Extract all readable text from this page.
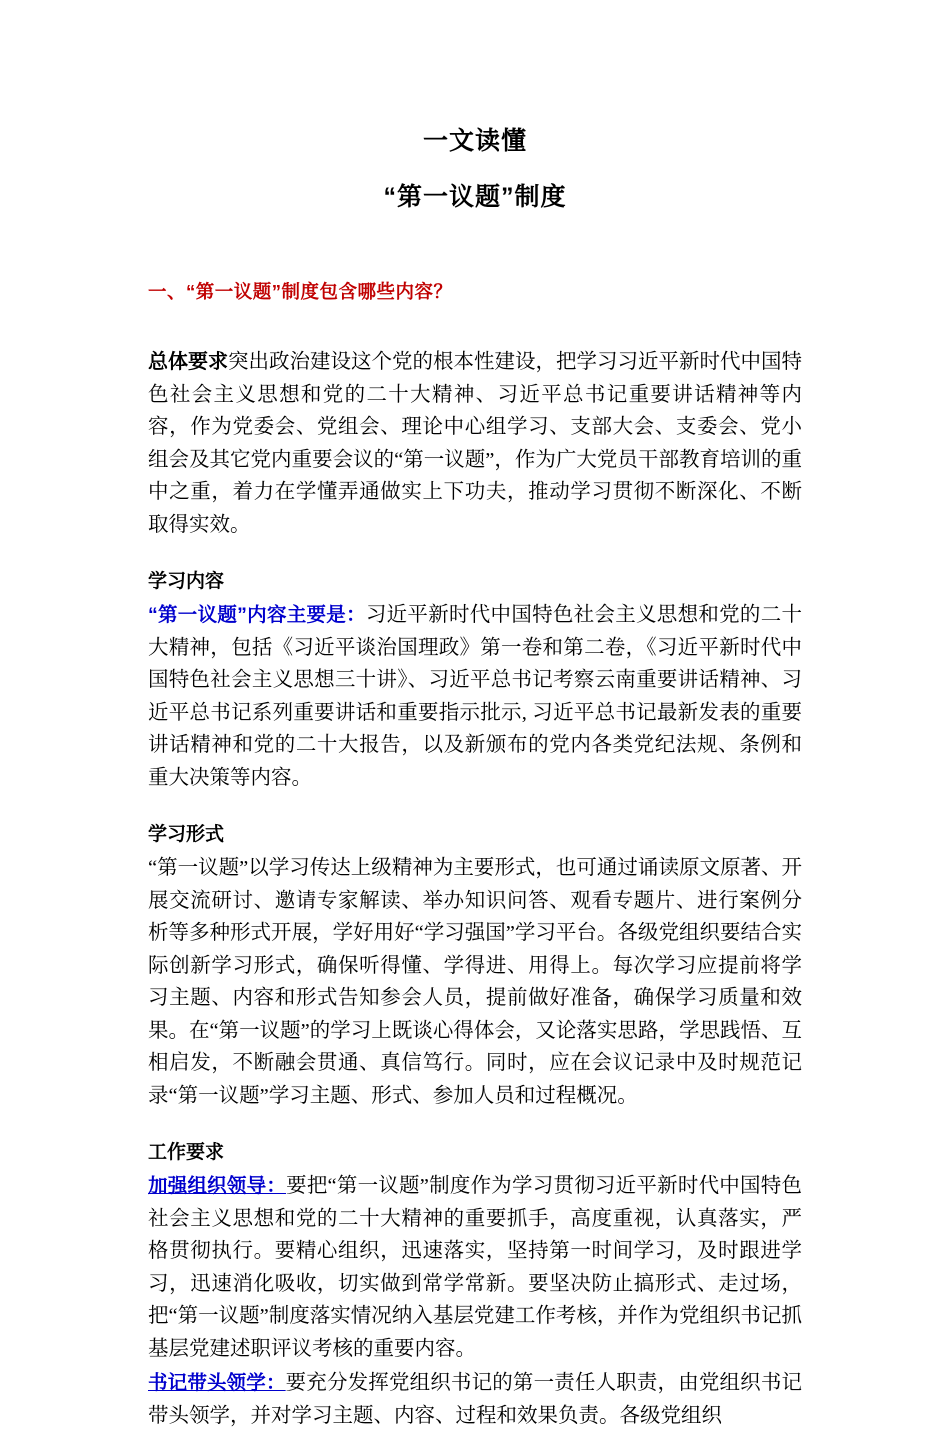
一文读懂
“第一议题”制度
一、“第一议题”制度包含哪些内容？
总体要求突出政治建设这个党的根本性建设，把学习习近平新时代中国特色社会主义思想和党的二十大精神、习近平总书记重要讲话精神等内容，作为党委会、党组会、理论中心组学习、支部大会、支委会、党小组会及其它党内重要会议的“第一议题”，作为广大党员干部教育培训的重中之重，着力在学懂弄通做实上下功夫，推动学习贯彻不断深化、不断取得实效。
学习内容
“第一议题”内容主要是：习近平新时代中国特色社会主义思想和党的二十大精神，包括《习近平谈治国理政》第一卷和第二卷，《习近平新时代中国特色社会主义思想三十讲》、习近平总书记考察云南重要讲话精神、习近平总书记系列重要讲话和重要指示批示, 习近平总书记最新发表的重要讲话精神和党的二十大报告，以及新颁布的党内各类党纪法规、条例和重大决策等内容。
学习形式
“第一议题”以学习传达上级精神为主要形式，也可通过诵读原文原著、开展交流研讨、邀请专家解读、举办知识问答、观看专题片、进行案例分析等多种形式开展，学好用好“学习强国”学习平台。各级党组织要结合实际创新学习形式，确保听得懂、学得进、用得上。每次学习应提前将学习主题、内容和形式告知参会人员，提前做好准备，确保学习质量和效果。在“第一议题”的学习上既谈心得体会，又论落实思路，学思践悟、互相启发，不断融会贯通、真信笃行。同时，应在会议记录中及时规范记录“第一议题”学习主题、形式、参加人员和过程概况。
工作要求
加强组织领导：要把“第一议题”制度作为学习贯彻习近平新时代中国特色社会主义思想和党的二十大精神的重要抓手，高度重视，认真落实，严格贯彻执行。要精心组织，迅速落实，坚持第一时间学习，及时跟进学习，迅速消化吸收，切实做到常学常新。要坚决防止搞形式、走过场，把“第一议题”制度落实情况纳入基层党建工作考核，并作为党组织书记抓基层党建述职评议考核的重要内容。
书记带头领学：要充分发挥党组织书记的第一责任人职责，由党组织书记带头领学，并对学习主题、内容、过程和效果负责。各级党组织
